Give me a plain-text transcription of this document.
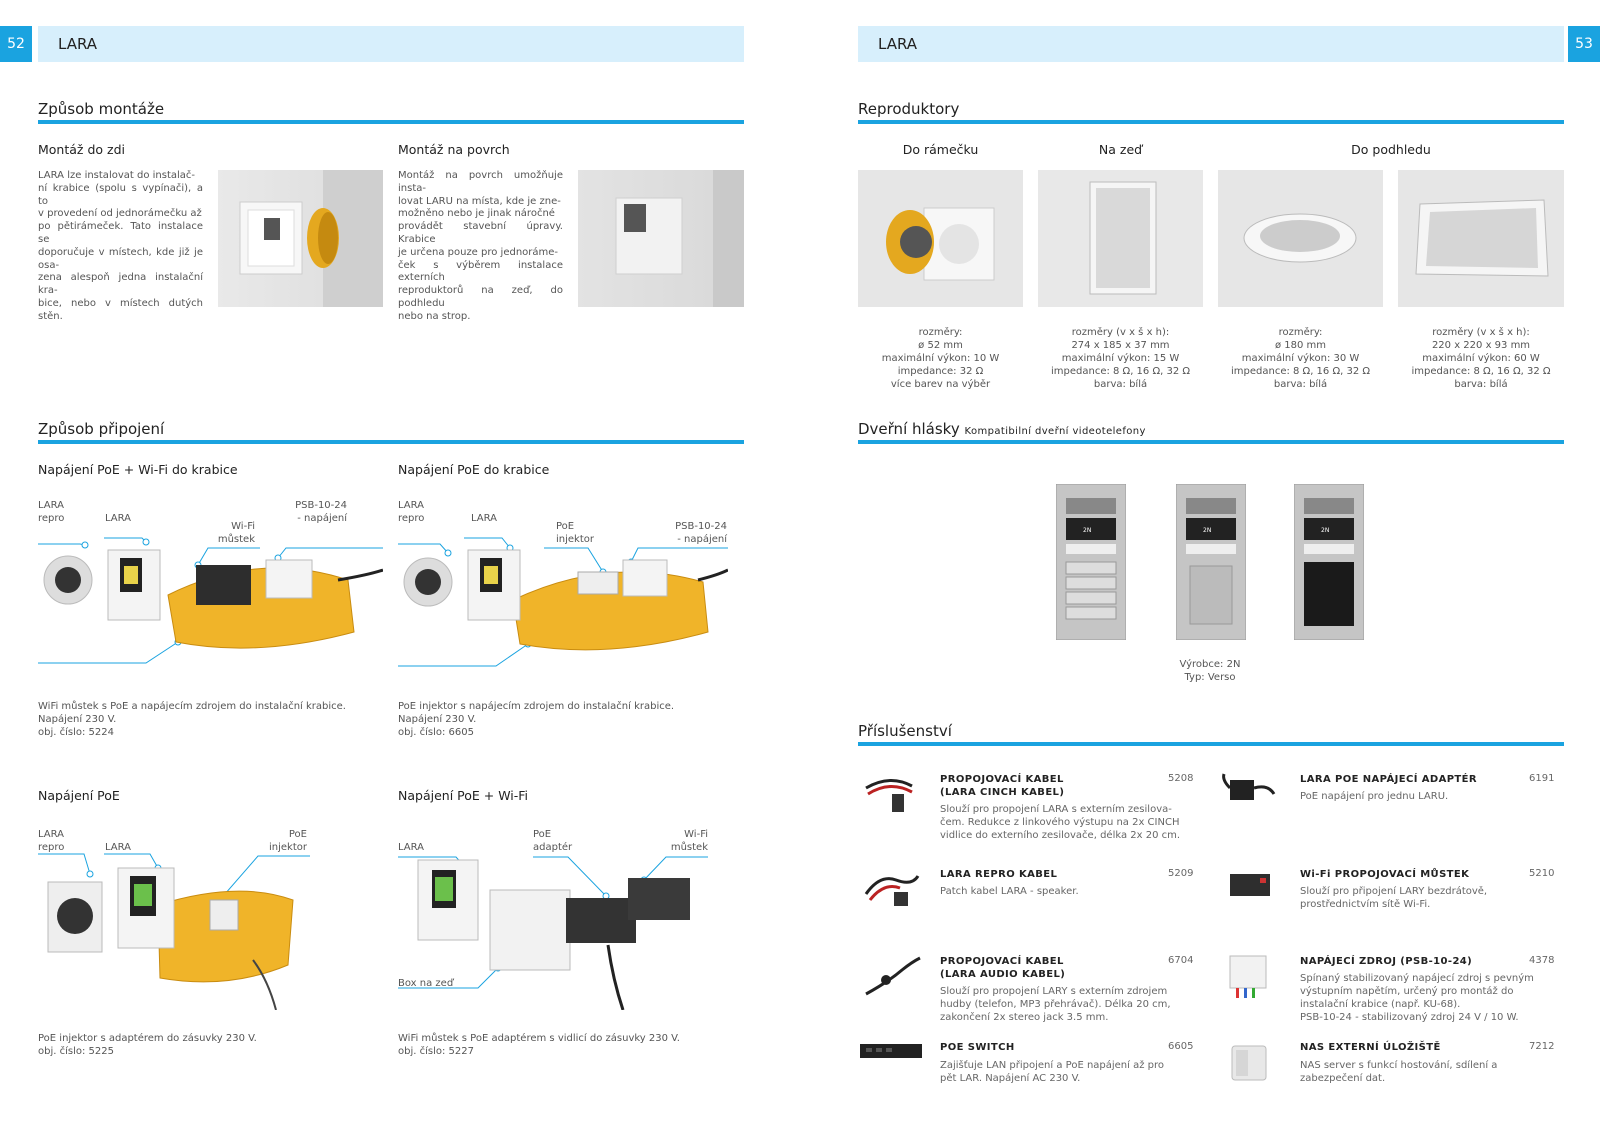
52	LARA
Způsob montáže
Montáž do zdi
LARA lze instalovat do instalač-
ní krabice (spolu s vypínači), a to
v provedení od jednorámečku až
po pětirámeček. Tato instalace se
doporučuje v místech, kde již je osa-
zena alespoň jedna instalační kra-
bice, nebo v místech dutých stěn.
Montáž na povrch
Montáž na povrch umožňuje insta-
lovat LARU na místa, kde je zne-
možněno nebo je jinak náročné
provádět stavební úpravy. Krabice
je určena pouze pro jednoráme-
ček s výběrem instalace externích
reproduktorů na zeď, do podhledu
nebo na strop.
Způsob připojení
Napájení PoE + Wi-Fi do krabice
LARA
repro	LARA
Wi-Fi
můstek
PSB-10-24
- napájení
WiFi můstek s PoE a napájecím zdrojem do instalační krabice.
Napájení 230 V.
obj. číslo: 5224
Napájení PoE do krabice
LARA
repro	LARA
PoE
injektor
PSB-10-24
- napájení
PoE injektor s napájecím zdrojem do instalační krabice.
Napájení 230 V.
obj. číslo: 6605
Napájení PoE
LARA
repro	LARA
PoE
injektor
PoE injektor s adaptérem do zásuvky 230 V.
obj. číslo: 5225
Napájení PoE + Wi-Fi
LARA
PoE
adaptér
Wi-Fi
můstek
Box na zeď
WiFi můstek s PoE adaptérem s vidlicí do zásuvky 230 V.
obj. číslo: 5227
LARA	53
Reproduktory
Do rámečku	Na zeď	Do podhledu
rozměry:
ø 52 mm
maximální výkon: 10 W
impedance: 32 Ω
více barev na výběr
rozměry (v x š x h):
274 x 185 x 37 mm
maximální výkon: 15 W
impedance: 8 Ω, 16 Ω, 32 Ω
barva: bílá
rozměry:
ø 180 mm
maximální výkon: 30 W
impedance: 8 Ω, 16 Ω, 32 Ω
barva: bílá
rozměry (v x š x h):
220 x 220 x 93 mm
maximální výkon: 60 W
impedance: 8 Ω, 16 Ω, 32 Ω
barva: bílá
Dveřní hlásky Kompatibilní dveřní videotelefony
2N	2N	2N
Výrobce: 2N
Typ: Verso
Příslušenství
PROPOJOVACÍ KABEL
(LARA CINCH KABEL)
5208
Slouží pro propojení LARA s externím zesilova-
čem. Redukce z linkového výstupu na 2x CINCH
vidlice do externího zesilovače, délka 2x 20 cm.
LARA REPRO KABEL	5209
Patch kabel LARA - speaker.
PROPOJOVACÍ KABEL
(LARA AUDIO KABEL)
6704
Slouží pro propojení LARY s externím zdrojem
hudby (telefon, MP3 přehrávač). Délka 20 cm,
zakončení 2x stereo jack 3.5 mm.
POE SWITCH	6605
Zajišťuje LAN připojení a PoE napájení až pro
pět LAR. Napájení AC 230 V.
LARA POE NAPÁJECÍ ADAPTÉR	6191
PoE napájení pro jednu LARU.
Wi-Fi PROPOJOVACÍ MŮSTEK	5210
Slouží pro připojení LARY bezdrátově,
prostřednictvím sítě Wi-Fi.
NAPÁJECÍ ZDROJ (PSB-10-24)	4378
Spínaný stabilizovaný napájecí zdroj s pevným
výstupním napětím, určený pro montáž do
instalační krabice (např. KU-68).
PSB-10-24 - stabilizovaný zdroj 24 V / 10 W.
NAS EXTERNÍ ÚLOŽIŠTĚ	7212
NAS server s funkcí hostování, sdílení a
zabezpečení dat.
